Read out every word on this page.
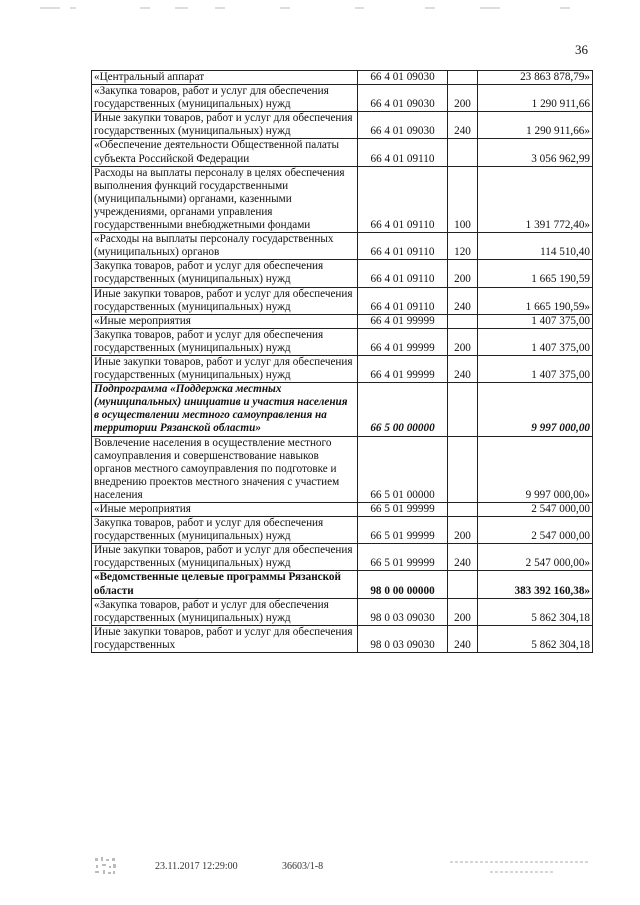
36
«Центральный аппарат	66 4 01 09030		23 863 878,79»
«Закупка товаров, работ и услуг для обеспечения государственных (муниципальных) нужд	66 4 01 09030	200	1 290 911,66
Иные закупки товаров, работ и услуг для обеспечения государственных (муниципальных) нужд	66 4 01 09030	240	1 290 911,66»
«Обеспечение деятельности Общественной палаты субъекта Российской Федерации	66 4 01 09110		3 056 962,99
Расходы на выплаты персоналу в целях обеспечения выполнения функций государственными (муниципальными) органами, казенными учреждениями, органами управления государственными внебюджетными фондами	66 4 01 09110	100	1 391 772,40»
«Расходы на выплаты персоналу государственных (муниципальных) органов	66 4 01 09110	120	114 510,40
Закупка товаров, работ и услуг для обеспечения государственных (муниципальных) нужд	66 4 01 09110	200	1 665 190,59
Иные закупки товаров, работ и услуг для обеспечения государственных (муниципальных) нужд	66 4 01 09110	240	1 665 190,59»
«Иные мероприятия	66 4 01 99999		1 407 375,00
Закупка товаров, работ и услуг для обеспечения государственных (муниципальных) нужд	66 4 01 99999	200	1 407 375,00
Иные закупки товаров, работ и услуг для обеспечения государственных (муниципальных) нужд	66 4 01 99999	240	1 407 375,00
Подпрограмма «Поддержка местных (муниципальных) инициатив и участия населения в осуществлении местного самоуправления на территории Рязанской области»	66 5 00 00000		9 997 000,00
Вовлечение населения в осуществление местного самоуправления и совершенствование навыков органов местного самоуправления по подготовке и внедрению проектов местного значения с участием населения	66 5 01 00000		9 997 000,00»
«Иные мероприятия	66 5 01 99999		2 547 000,00
Закупка товаров, работ и услуг для обеспечения государственных (муниципальных) нужд	66 5 01 99999	200	2 547 000,00
Иные закупки товаров, работ и услуг для обеспечения государственных (муниципальных) нужд	66 5 01 99999	240	2 547 000,00»
«Ведомственные целевые программы Рязанской области	98 0 00 00000		383 392 160,38»
«Закупка товаров, работ и услуг для обеспечения государственных (муниципальных) нужд	98 0 03 09030	200	5 862 304,18
Иные закупки товаров, работ и услуг для обеспечения государственных	98 0 03 09030	240	5 862 304,18
23.11.2017 12:29:00	36603/1-8
